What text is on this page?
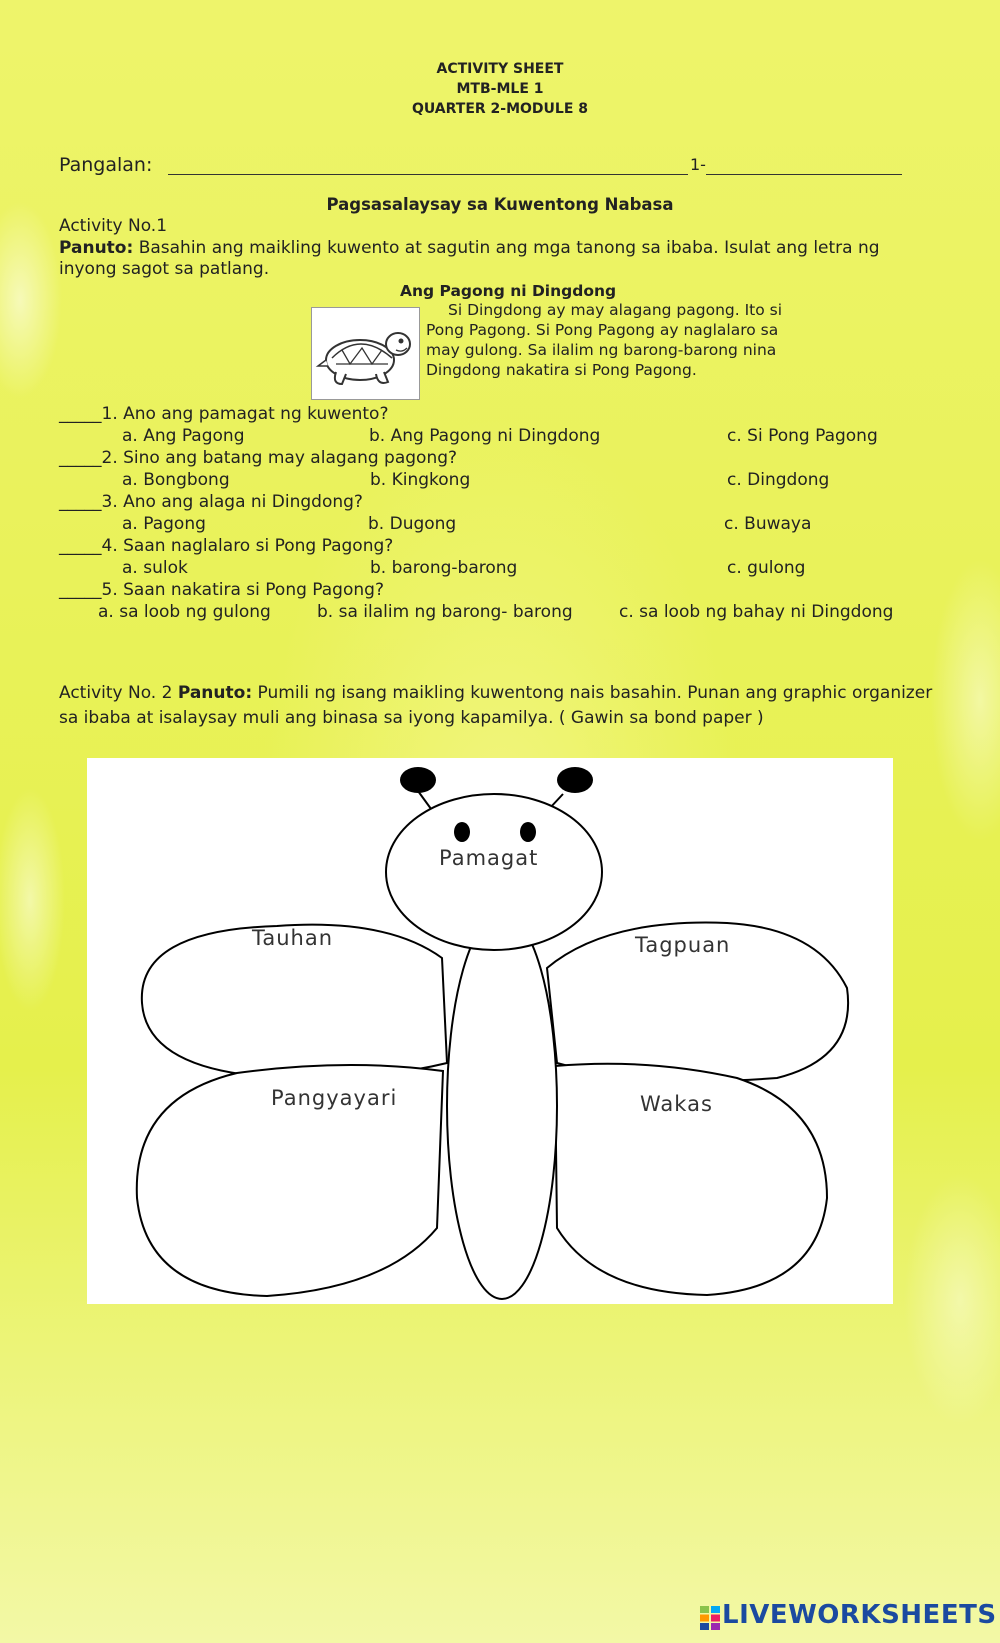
ACTIVITY SHEET
MTB-MLE 1
QUARTER 2-MODULE 8
Pangalan:	1-
Pagsasalaysay sa Kuwentong Nabasa
Activity No.1
Panuto: Basahin ang maikling kuwento at sagutin ang mga tanong sa ibaba. Isulat ang letra ng
inyong sagot sa patlang.
Ang Pagong ni Dingdong
Si Dingdong ay may alagang pagong. Ito si
Pong Pagong. Si Pong Pagong ay naglalaro sa
may gulong. Sa ilalim ng barong-barong nina
Dingdong nakatira si Pong Pagong.
_____1. Ano ang pamagat ng kuwento?
a. Ang Pagong	b. Ang Pagong ni Dingdong	c. Si Pong Pagong
_____2. Sino ang batang may alagang pagong?
a. Bongbong	b. Kingkong	c. Dingdong
_____3. Ano ang alaga ni Dingdong?
a. Pagong	b. Dugong	c. Buwaya
_____4. Saan naglalaro si Pong Pagong?
a. sulok	b. barong-barong	c. gulong
_____5. Saan nakatira si Pong Pagong?
a. sa loob ng gulong	b. sa ilalim ng barong- barong	c. sa loob ng bahay ni Dingdong
Activity No. 2 Panuto: Pumili ng isang maikling kuwentong nais basahin. Punan ang graphic organizer
sa ibaba at isalaysay muli ang binasa sa iyong kapamilya. ( Gawin sa bond paper )
Pamagat
Tauhan	Tagpuan
Pangyayari	Wakas
LIVEWORKSHEETS
